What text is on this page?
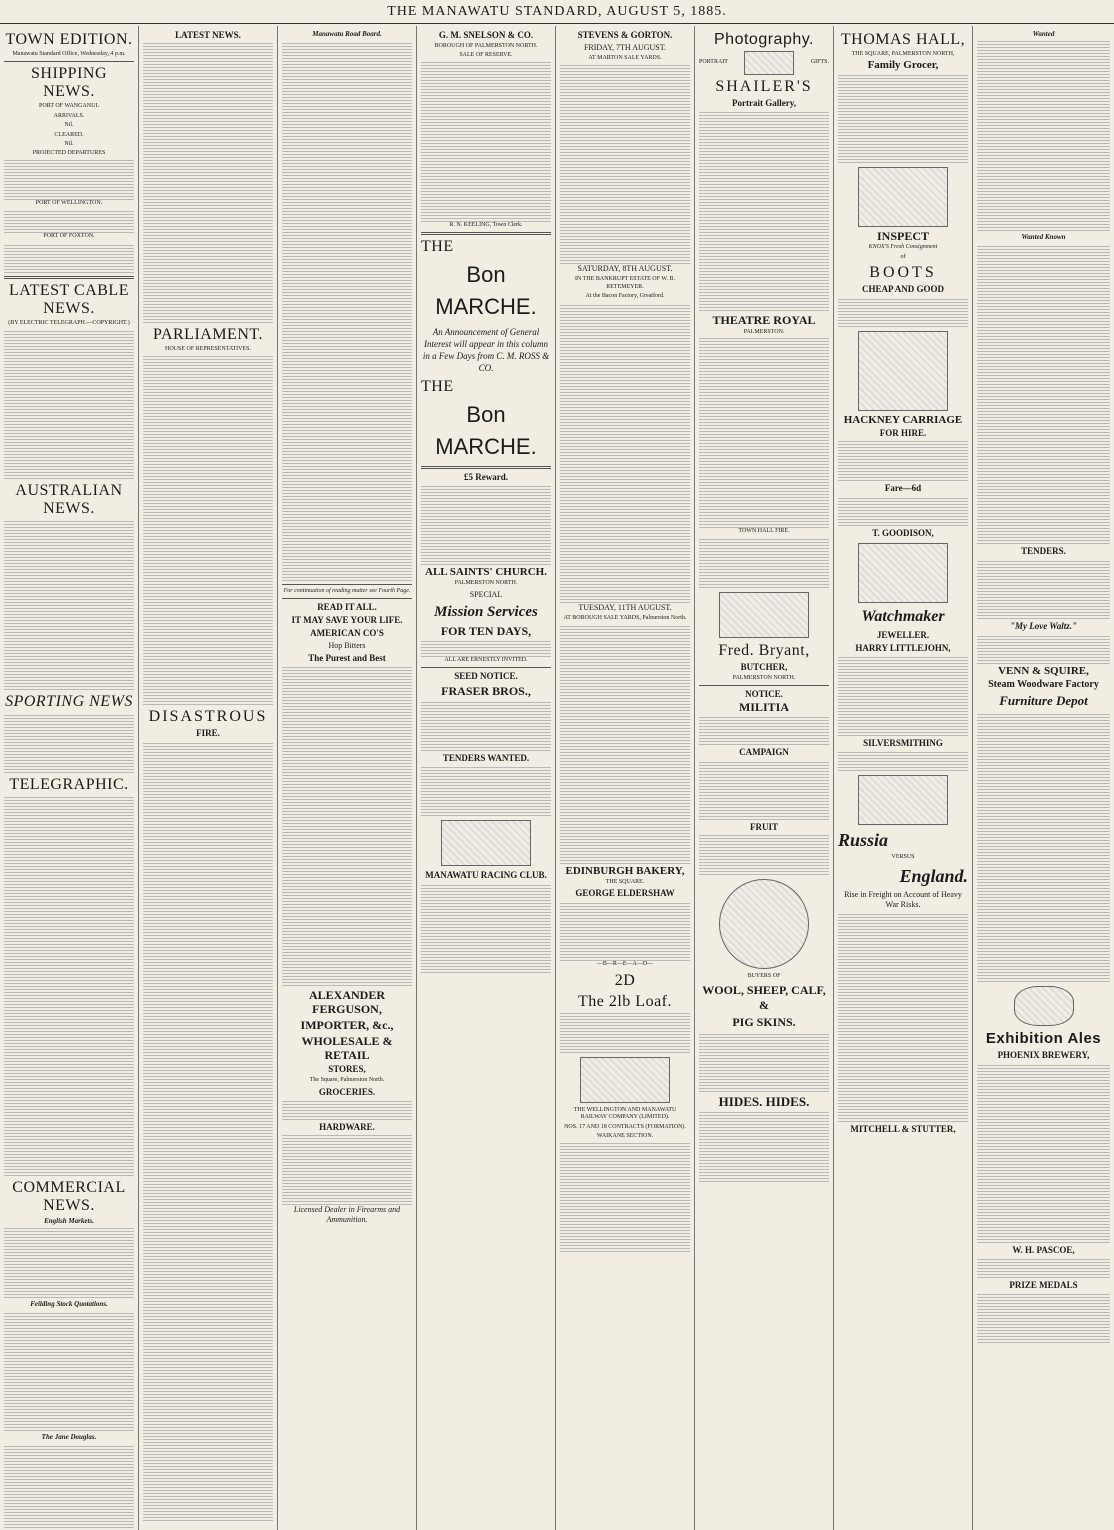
THE MANAWATU STANDARD, AUGUST 5, 1885.
TOWN EDITION.

Manawatu Standard Office, Wednesday, 4 p.m.

SHIPPING NEWS.

PORT OF WANGANUI.

ARRIVALS.

Nil.

CLEARED.

Nil.

PROJECTED DEPARTURES

PORT OF WELLINGTON.

PORT OF FOXTON.

LATEST CABLE NEWS.

(BY ELECTRIC TELEGRAPH.—COPYRIGHT.)

AUSTRALIAN NEWS.
SPORTING NEWS
TELEGRAPHIC.
COMMERCIAL NEWS.
English Markets.
Feilding Stock Quotations.
The Jane Douglas.
LATEST NEWS.
PARLIAMENT.

HOUSE OF REPRESENTATIVES.

DISASTROUS
FIRE.
Manawatu Road Board.

For continuation of reading matter see Fourth Page.

READ IT ALL.
IT MAY SAVE YOUR LIFE.
AMERICAN CO'S

Hop Bitters

The Purest and Best
ALEXANDER FERGUSON,
IMPORTER, &c.,
WHOLESALE & RETAIL
STORES,

The Square, Palmerston North.

GROCERIES.
HARDWARE.

Licensed Dealer in Firearms and Ammunition.

G. M. SNELSON & CO.

BOROUGH OF PALMERSTON NORTH.

SALE OF RESERVE.

R. N. KEELING, Town Clerk.

THE
Bon
MARCHE.
An Announcement of General Interest will appear in this column in a Few Days from C. M. ROSS & CO.
THE
Bon
MARCHE.
£5 Reward.
ALL SAINTS' CHURCH.

PALMERSTON NORTH.

SPECIAL

Mission Services
FOR TEN DAYS,

ALL ARE ERNESTLY INVITED.

SEED NOTICE.
FRASER BROS.,
TENDERS WANTED.
MANAWATU RACING CLUB.
STEVENS & GORTON.

FRIDAY, 7TH AUGUST.

AT MARTON SALE YARDS.

SATURDAY, 8TH AUGUST.

IN THE BANKRUPT ESTATE OF W. B. RETEMEYER.

At the Bacon Factory, Greatford.

TUESDAY, 11TH AUGUST.

AT BOROUGH SALE YARDS, Palmerston North.

EDINBURGH BAKERY,

THE SQUARE.

GEORGE ELDERSHAW

—B—R—E—A—D—

2D
The 2lb Loaf.

THE WELLINGTON AND MANAWATU RAILWAY COMPANY (LIMITED).

NOS. 17 AND 18 CONTRACTS (FORMATION).

WAIKANE SECTION.

Photography.
PORTRAIT	GIFTS.
SHAILER'S
Portrait Gallery,
THEATRE ROYAL

PALMERSTON.

TOWN HALL FIRE.

Fred. Bryant,
BUTCHER,

PALMERSTON NORTH.

NOTICE.
MILITIA
CAMPAIGN
FRUIT

BUYERS OF

WOOL, SHEEP, CALF, &
PIG SKINS.
HIDES. HIDES.
THOMAS HALL,

THE SQUARE, PALMERSTON NORTH,

Family Grocer,
INSPECT

KNOX'S Fresh Consignment

of

BOOTS
CHEAP AND GOOD
HACKNEY CARRIAGE
FOR HIRE.
Fare—6d
T. GOODISON,
Watchmaker
JEWELLER.
HARRY LITTLEJOHN,
SILVERSMITHING
Russia

VERSUS

England.

Rise in Freight on Account of Heavy War Risks.

MITCHELL & STUTTER,
Wanted
Wanted Known
TENDERS.
"My Love Waltz."
VENN & SQUIRE,
Steam Woodware Factory
Furniture Depot
Exhibition Ales
PHOENIX BREWERY,
W. H. PASCOE,
PRIZE MEDALS
